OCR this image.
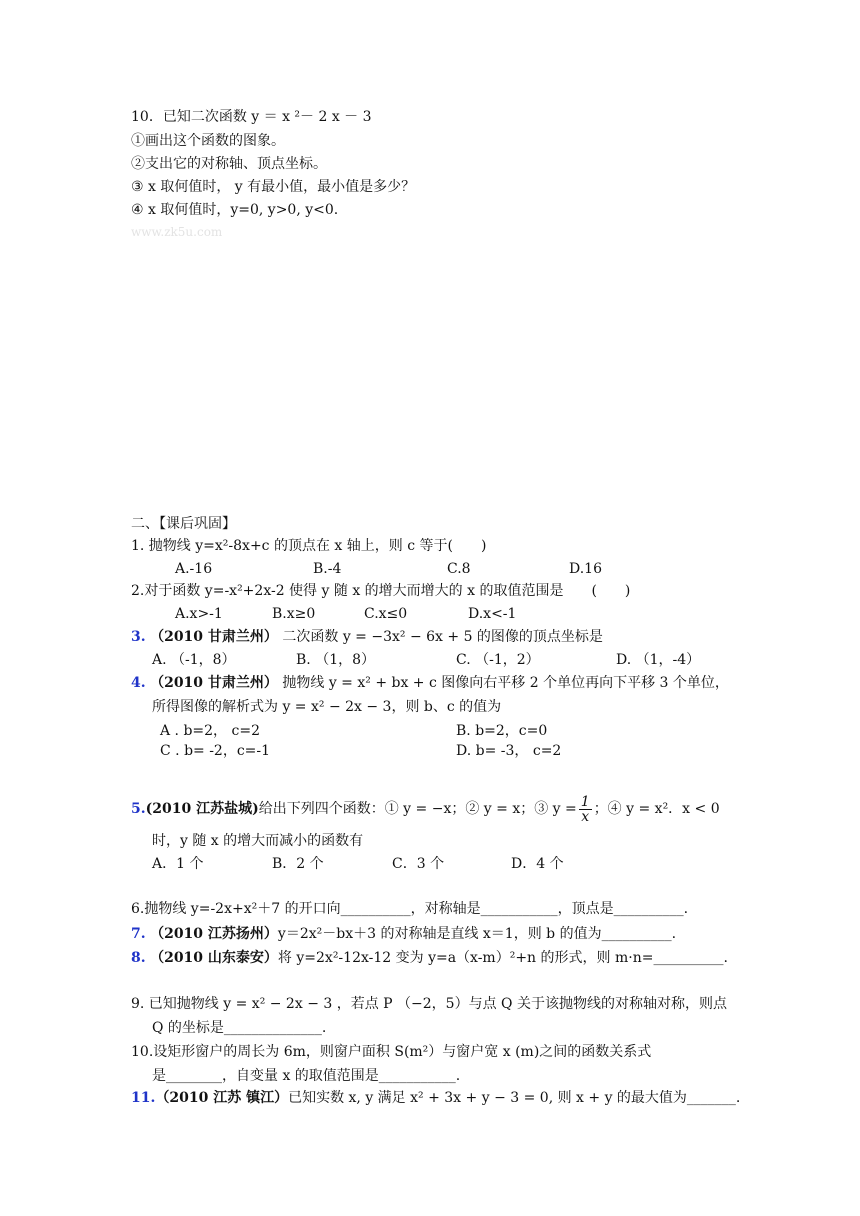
10．已知二次函数 y ＝ x ²－ 2 x － 3
①画出这个函数的图象。
②支出它的对称轴、顶点坐标。
③ x 取何值时， y 有最小值，最小值是多少？
④ x 取何值时，y=0, y>0, y<0.
www.zk5u.com
二、【课后巩固】
1. 抛物线 y=x²-8x+c 的顶点在 x 轴上，则 c 等于(　　)
A.-16	B.-4	C.8	D.16
2.对于函数 y=-x²+2x-2 使得 y 随 x 的增大而增大的 x 的取值范围是　　(　　)
A.x>-1	B.x≥0	C.x≤0	D.x<-1
3. （2010 甘肃兰州） 二次函数 y = −3x² − 6x + 5 的图像的顶点坐标是
A. （-1，8）	B. （1，8）	C. （-1，2）	D. （1，-4）
4. （2010 甘肃兰州） 抛物线 y = x² + bx + c 图像向右平移 2 个单位再向下平移 3 个单位，
所得图像的解析式为 y = x² − 2x − 3，则 b、c 的值为
A . b=2， c=2	B. b=2，c=0
C . b= -2，c=-1	D. b= -3， c=2
5.(2010 江苏盐城)给出下列四个函数：① y = −x；② y = x；③ $y = \frac{1}{x}$ ；④ y = x²．x < 0
时，y 随 x 的增大而减小的函数有
A．1 个	B．2 个	C．3 个	D．4 个
6.抛物线 y=-2x+x²＋7 的开口向__________，对称轴是___________，顶点是__________.
7. （2010 江苏扬州）y＝2x²－bx＋3 的对称轴是直线 x＝1，则 b 的值为__________.
8. （2010 山东泰安）将 y=2x²-12x-12 变为 y=a（x-m）²+n 的形式，则 m·n=__________.
9. 已知抛物线 y = x² − 2x − 3 ，若点 P （−2，5）与点 Q 关于该抛物线的对称轴对称，则点
Q 的坐标是______________.
10.设矩形窗户的周长为 6m，则窗户面积 S(m²）与窗户宽 x (m)之间的函数关系式
是________，自变量 x 的取值范围是___________.
11.（2010 江苏 镇江）已知实数 x, y 满足 x² + 3x + y − 3 = 0, 则 x + y 的最大值为_______.
